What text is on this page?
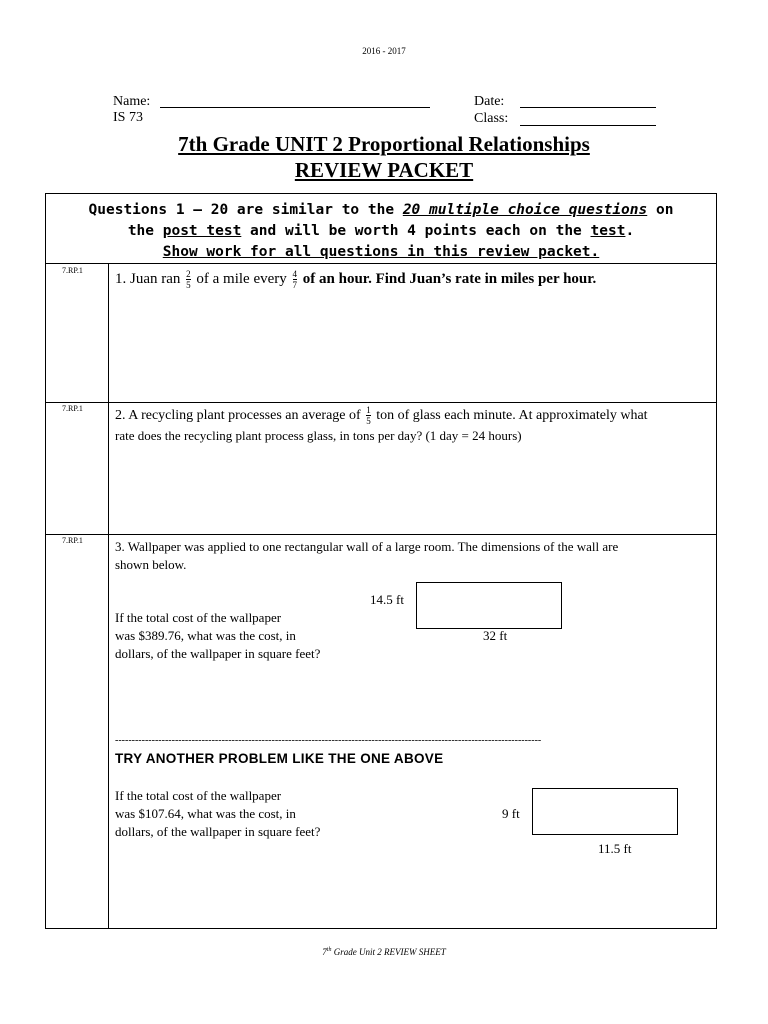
2016 - 2017
Name:
IS 73
Date:
Class:
7th Grade UNIT 2 Proportional Relationships
REVIEW PACKET
Questions 1 – 20 are similar to the 20 multiple choice questions on
the post test and will be worth 4 points each on the test.
Show work for all questions in this review packet.
7.RP.1
1. Juan ran $\frac{2}{5}$ of a mile every $\frac{4}{7}$ of an hour. Find Juan’s rate in miles per hour.
7.RP.1 2. A recycling plant processes an average of $\frac{1}{5}$ ton of glass each minute. At approximately what
rate does the recycling plant process glass, in tons per day? (1 day = 24 hours)
7.RP.1 3. Wallpaper was applied to one rectangular wall of a large room. The dimensions of the wall are
shown below.
14.5 ft
32 ft
If the total cost of the wallpaper
was $389.76, what was the cost, in
dollars, of the wallpaper in square feet?
--------------------------------------------------------------------------------------------------------------------------------
TRY ANOTHER PROBLEM LIKE THE ONE ABOVE
If the total cost of the wallpaper
was $107.64, what was the cost, in
dollars, of the wallpaper in square feet?
9 ft
11.5 ft
7th Grade Unit 2 REVIEW SHEET
